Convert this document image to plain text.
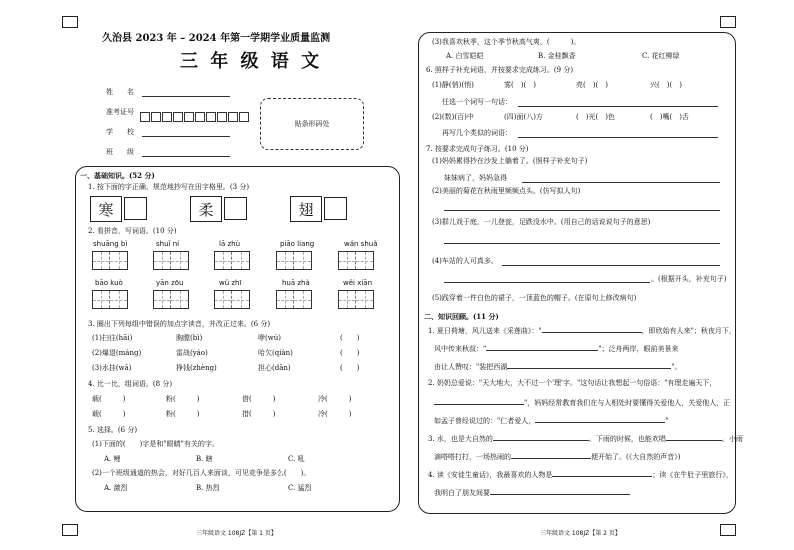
久治县 2023 年 – 2024 年第一学期学业质量监测
三 年 级 语 文
姓　　名
准考证号
学　　校
班　　级
贴条形码处
一、基础知识。(52 分)
1. 按下面的字正确、规范地抄写在田字格里。(3 分)
寒	柔	翅
2. 看拼音，写词语。(10 分)
shuāng bì	shuǐ ní	lā zhù	piāo liang	wán shuǎ
bāo kuò	yān zōu	wǔ zhī	huā zhà	wěi xiān
3. 圈出下列每组中错误的加点字读音，并改正过来。(6 分)
(1)扫往(hāi)	胸膛(bì)	咿(wú)	(　　)
(2)爆退(máng)	雷战(yáo)	哈欠(qiàn)	(　　)
(3)水挂(wā)	挣钱(zhèng)	担心(dān)	(　　)
4. 比一比，组词语。(8 分)
载(　　　)	粉(　　　)	借(　　　)	冷(　　　)
载(　　　)	粉(　　　)	措(　　　)	冷(　　　)
5. 选择。(6 分)
(1)下面的(　　)字是和"眼睛"有关的字。
A. 鲤	B. 瞎	C. 吼
(2)一个班级通道的热会，对好几百人来面谈，可见竞争是多么(　　)。
A. 激烈	B. 热烈	C. 猛烈
三年级语文 108JZ【第 1 页】
(3)我喜欢秋季，这个季节秋高气爽，(　　　)。
A. 白雪皑皑	B. 金桂飘香	C. 花红柳绿
6. 照样子补充词语，并按要求完成练习。(9 分)
(1)静(悄)(悄)	雾(　)(　)	亮(　)(　)	兴(　)(　)
任选一个词写一句话：
(2)(数)(百)中	(四)面(八)方	(　)光(　)色	(　)嘴(　)舌
再写几个类似的词语：
7. 按要求完成句子练习。(10 分)
(1)妈妈累得抄在沙发上躺着了。(照样子补充句子)
妹妹病了，妈妈急得
(2)美丽的菊花在秋雨里频频点头。(仿写拟人句)
(3)群儿戏于庭，一儿登瓮，足跌没水中。(用自己的话说说句子的意思)
(4)车站的人可真多。
。(根据开头，补充句子)
(5)践穿着一件白色的裙子，一顶蓝色的帽子。(在原句上修改病句)
二、知识回顾。(11 分)
1. 夏日荷塘，风儿送来《采莲曲》："	，即欣始有人来"；秋夜月下，
风中传来秋叔："	"；泛舟两岸，眼前美景来
由让人赞叹："装把西湖	"。
2. 奶奶总爱说："天大地大，大不过一个'理'字。"这句话让我想起一句俗语："有理走遍天下，
"，妈妈经常教育我们在与人相处时要懂得关爱他人，关爱他人，正
如孟子曾经说过的："仁者爱人，	"
3. 水，也是大自然的	。下雨的时候，也能欢唱	。小雨
滴嗒嗒打打，一场热闹的	便开始了。(《大自然的声音》)
4. 读《安徒生童话》，我最喜欢的人物是	；读《在牛肚子里旅行》，
我明白了朋友间要
三年级语文 108JZ【第 2 页】
